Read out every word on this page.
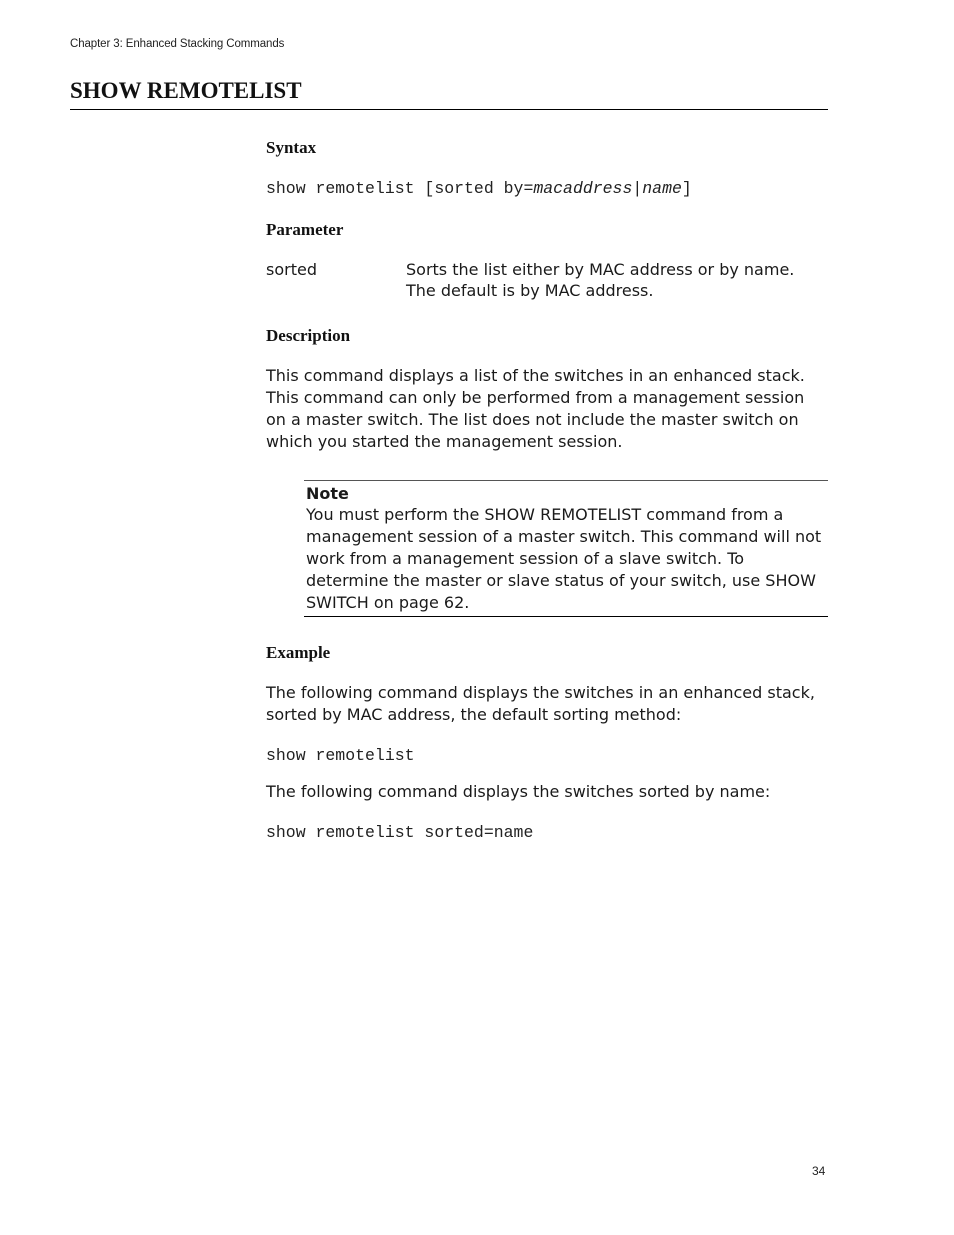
Chapter 3: Enhanced Stacking Commands
SHOW REMOTELIST
Syntax
show remotelist [sorted by=macaddress|name]
Parameter
sorted	Sorts the list either by MAC address or by name. The default is by MAC address.
Description

This command displays a list of the switches in an enhanced stack. This command can only be performed from a management session on a master switch. The list does not include the master switch on which you started the management session.

Note
You must perform the SHOW REMOTELIST command from a management session of a master switch. This command will not work from a management session of a slave switch. To determine the master or slave status of your switch, use SHOW SWITCH on page 62.
Example

The following command displays the switches in an enhanced stack, sorted by MAC address, the default sorting method:

show remotelist

The following command displays the switches sorted by name:

show remotelist sorted=name
34
